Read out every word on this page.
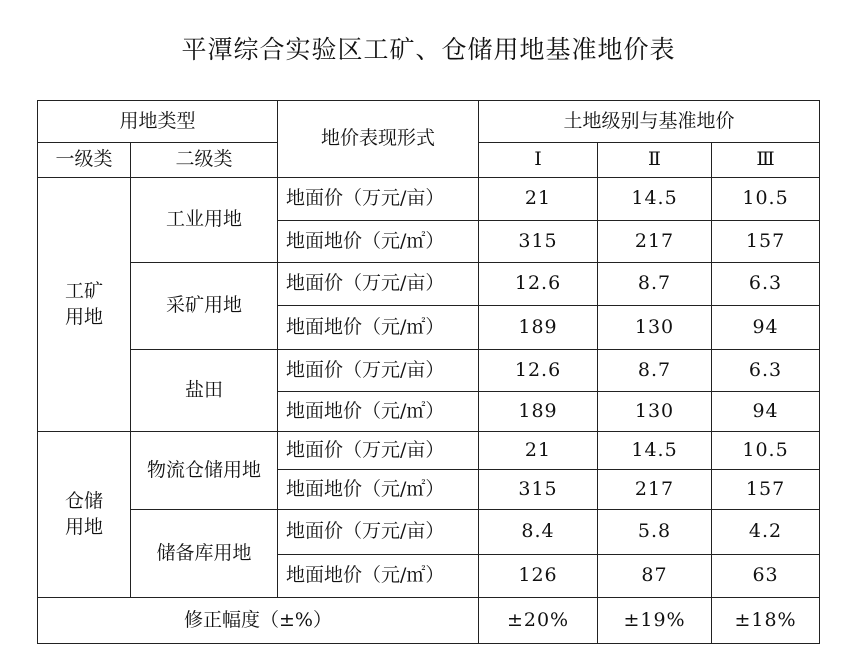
平潭综合实验区工矿、仓储用地基准地价表
用地类型		地价表现形式	土地级别与基准地价		
一级类	二级类		Ⅰ	Ⅱ	Ⅲ
工矿
用地	工业用地	地面价（万元/亩）	21	14.5	10.5
		地面地价（元/㎡）	315	217	157
	采矿用地	地面价（万元/亩）	12.6	8.7	6.3
		地面地价（元/㎡）	189	130	94
	盐田	地面价（万元/亩）	12.6	8.7	6.3
		地面地价（元/㎡）	189	130	94
仓储
用地	物流仓储用地	地面价（万元/亩）	21	14.5	10.5
		地面地价（元/㎡）	315	217	157
	储备库用地	地面价（万元/亩）	8.4	5.8	4.2
		地面地价（元/㎡）	126	87	63
修正幅度（±%）			±20%	±19%	±18%
